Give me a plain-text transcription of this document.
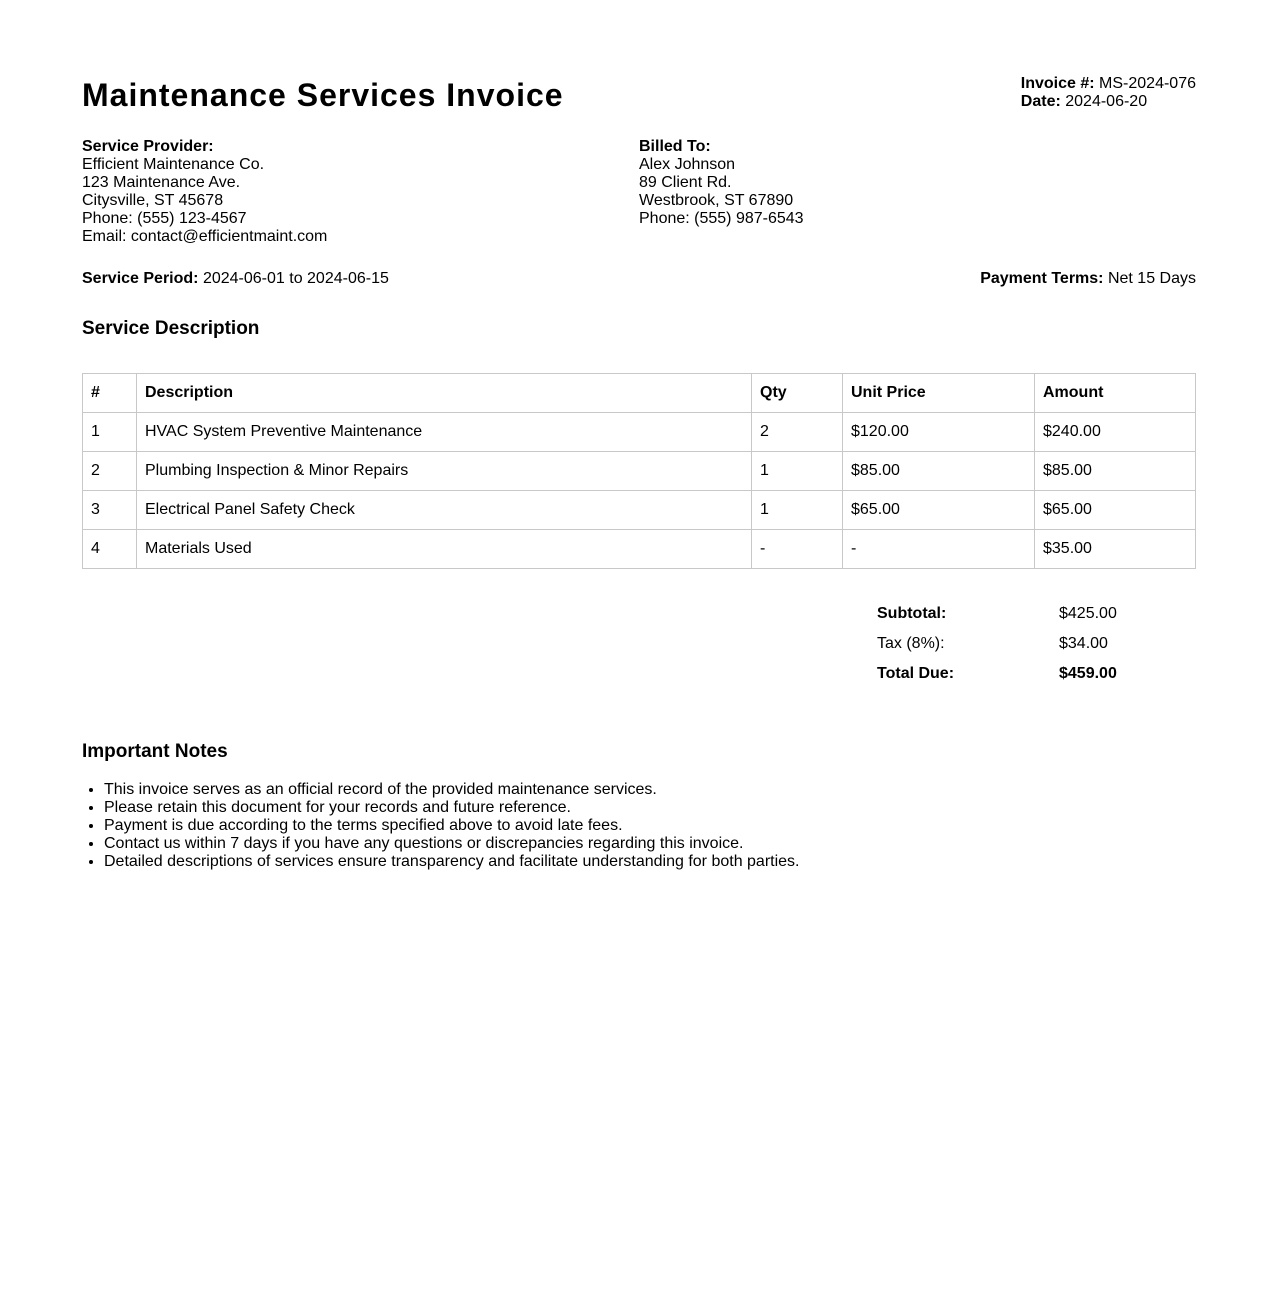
Maintenance Services Invoice	Invoice #: MS-2024-076
Date: 2024-06-20
Service Provider:
Efficient Maintenance Co.
123 Maintenance Ave.
Citysville, ST 45678
Phone: (555) 123-4567
Email: contact@efficientmaint.com
Billed To:
Alex Johnson
89 Client Rd.
Westbrook, ST 67890
Phone: (555) 987-6543
Service Period: 2024-06-01 to 2024-06-15	Payment Terms: Net 15 Days
Service Description
#	Description	Qty	Unit Price	Amount
1	HVAC System Preventive Maintenance	2	$120.00	$240.00
2	Plumbing Inspection & Minor Repairs	1	$85.00	$85.00
3	Electrical Panel Safety Check	1	$65.00	$65.00
4	Materials Used	-	-	$35.00
Subtotal:	$425.00
Tax (8%):	$34.00
Total Due:	$459.00
Important Notes
• This invoice serves as an official record of the provided maintenance services.
• Please retain this document for your records and future reference.
• Payment is due according to the terms specified above to avoid late fees.
• Contact us within 7 days if you have any questions or discrepancies regarding this invoice.
• Detailed descriptions of services ensure transparency and facilitate understanding for both parties.
